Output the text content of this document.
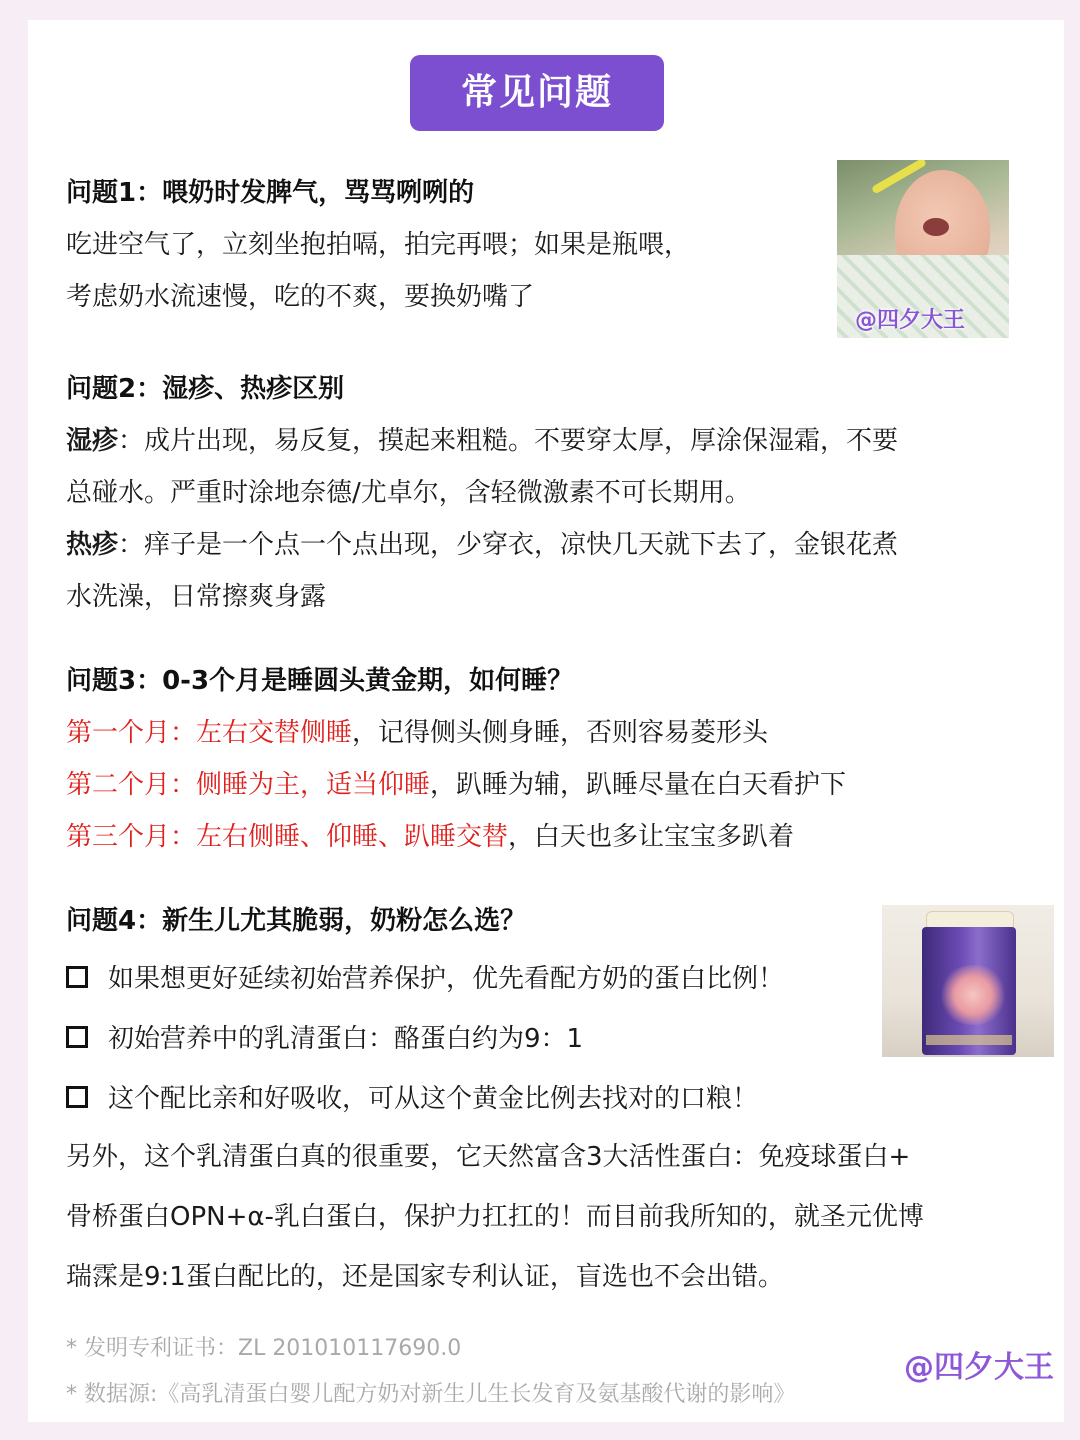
常见问题
问题1：喂奶时发脾气，骂骂咧咧的
吃进空气了，立刻坐抱拍嗝，拍完再喂；如果是瓶喂，
考虑奶水流速慢，吃的不爽，要换奶嘴了
@四夕大王
问题2：湿疹、热疹区别
湿疹：成片出现，易反复，摸起来粗糙。不要穿太厚，厚涂保湿霜，不要
总碰水。严重时涂地奈德/尤卓尔，含轻微激素不可长期用。
热疹：痒子是一个点一个点出现，少穿衣，凉快几天就下去了，金银花煮
水洗澡，日常擦爽身露
问题3：0-3个月是睡圆头黄金期，如何睡？
第一个月：左右交替侧睡，记得侧头侧身睡，否则容易菱形头
第二个月：侧睡为主，适当仰睡，趴睡为辅，趴睡尽量在白天看护下
第三个月：左右侧睡、仰睡、趴睡交替，白天也多让宝宝多趴着
问题4：新生儿尤其脆弱，奶粉怎么选？
如果想更好延续初始营养保护，优先看配方奶的蛋白比例！
初始营养中的乳清蛋白：酪蛋白约为9：1
这个配比亲和好吸收，可从这个黄金比例去找对的口粮！
另外，这个乳清蛋白真的很重要，它天然富含3大活性蛋白：免疫球蛋白+
骨桥蛋白OPN+α-乳白蛋白，保护力扛扛的！而目前我所知的，就圣元优博
瑞霂是9:1蛋白配比的，还是国家专利认证，盲选也不会出错。
* 发明专利证书：ZL 201010117690.0
* 数据源:《高乳清蛋白婴儿配方奶对新生儿生长发育及氨基酸代谢的影响》
@四夕大王
